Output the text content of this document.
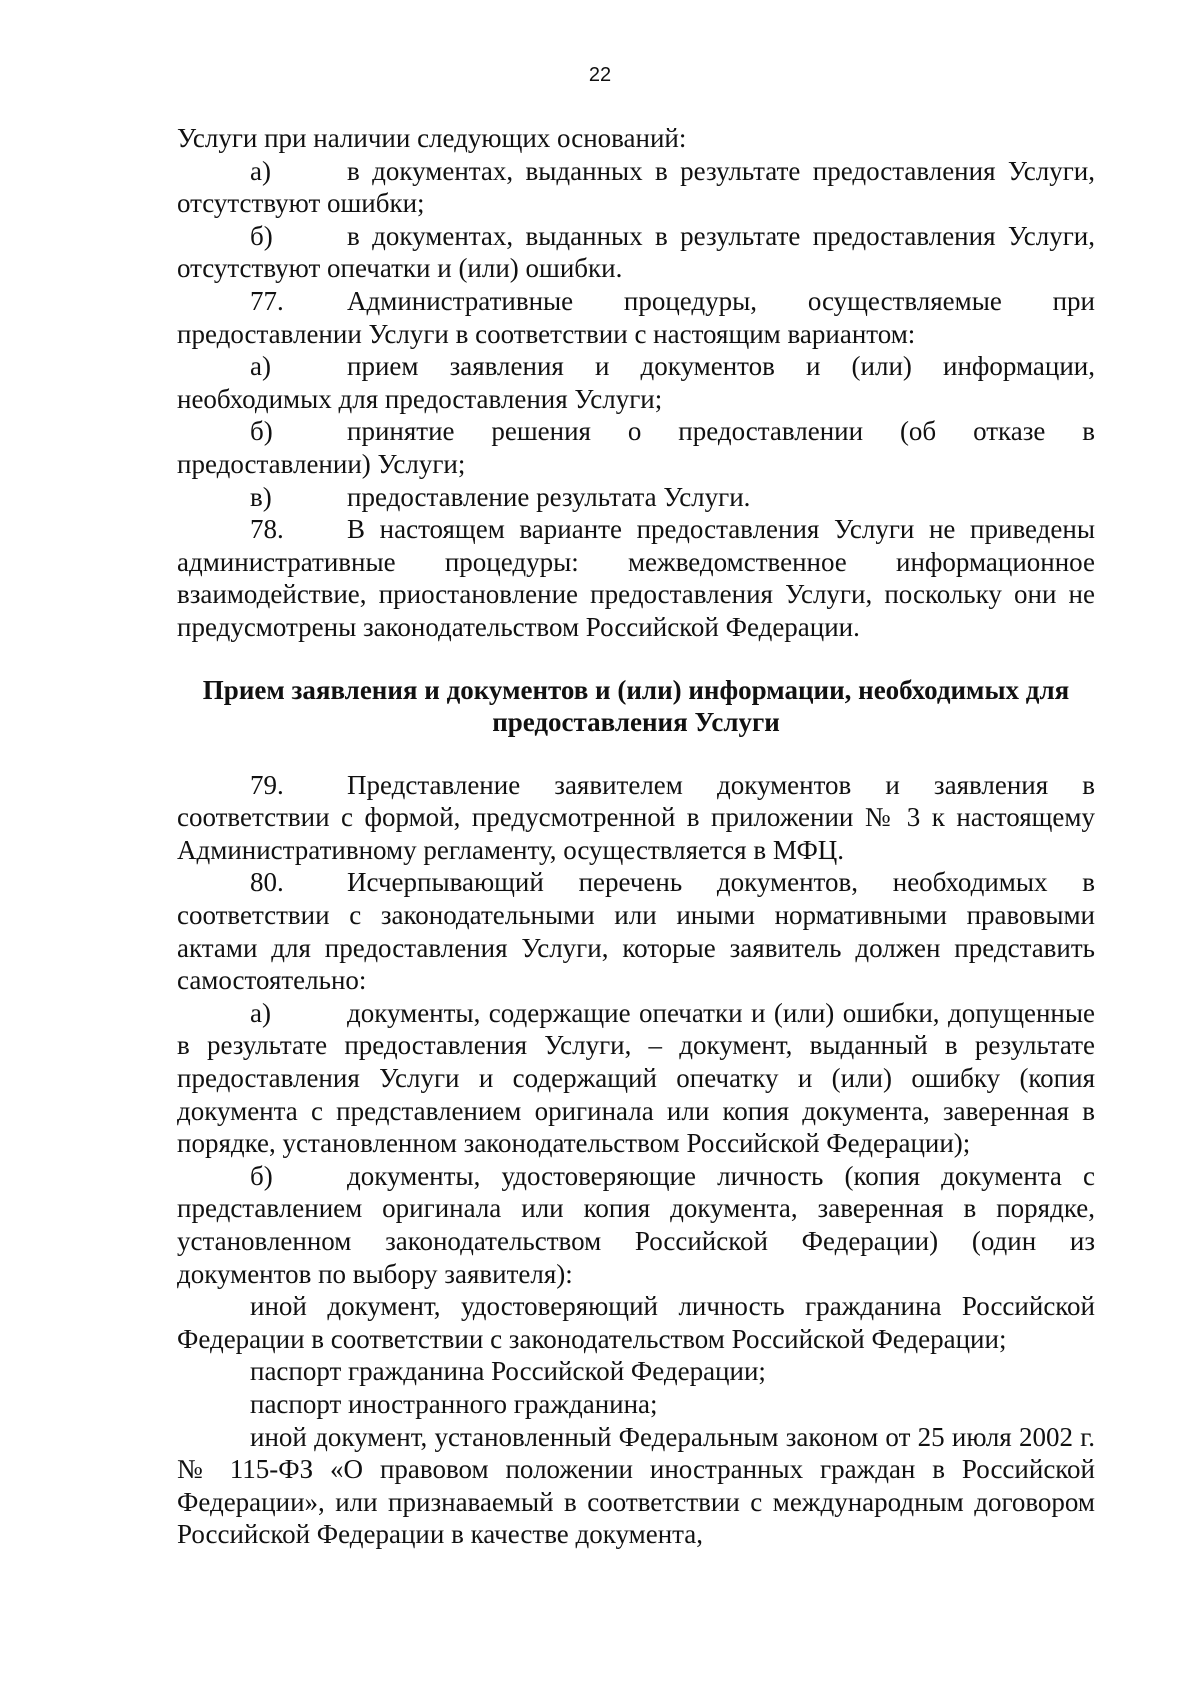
22

Услуги при наличии следующих оснований:

а)	в документах, выданных в результате предоставления Услуги, отсутствуют ошибки;

б)	в документах, выданных в результате предоставления Услуги, отсутствуют опечатки и (или) ошибки.

77. Административные процедуры, осуществляемые при предоставлении Услуги в соответствии с настоящим вариантом:

а)	прием заявления и документов и (или) информации, необходимых для предоставления Услуги;

б)	принятие решения о предоставлении (об отказе в предоставлении) Услуги;

в)	предоставление результата Услуги.

78. В настоящем варианте предоставления Услуги не приведены административные процедуры: межведомственное информационное взаимодействие, приостановление предоставления Услуги, поскольку они не предусмотрены законодательством Российской Федерации.

Прием заявления и документов и (или) информации, необходимых для предоставления Услуги

79. Представление заявителем документов и заявления в соответствии с формой, предусмотренной в приложении № 3 к настоящему Административному регламенту, осуществляется в МФЦ.

80. Исчерпывающий перечень документов, необходимых в соответствии с законодательными или иными нормативными правовыми актами для предоставления Услуги, которые заявитель должен представить самостоятельно:

а)	документы, содержащие опечатки и (или) ошибки, допущенные в результате предоставления Услуги, – документ, выданный в результате предоставления Услуги и содержащий опечатку и (или) ошибку (копия документа с представлением оригинала или копия документа, заверенная в порядке, установленном законодательством Российской Федерации);

б)	документы, удостоверяющие личность (копия документа с представлением оригинала или копия документа, заверенная в порядке, установленном законодательством Российской Федерации) (один из документов по выбору заявителя):

иной документ, удостоверяющий личность гражданина Российской Федерации в соответствии с законодательством Российской Федерации;

паспорт гражданина Российской Федерации;

паспорт иностранного гражданина;

иной документ, установленный Федеральным законом от 25 июля 2002 г. № 115-ФЗ «О правовом положении иностранных граждан в Российской Федерации», или признаваемый в соответствии с международным договором Российской Федерации в качестве документа,
